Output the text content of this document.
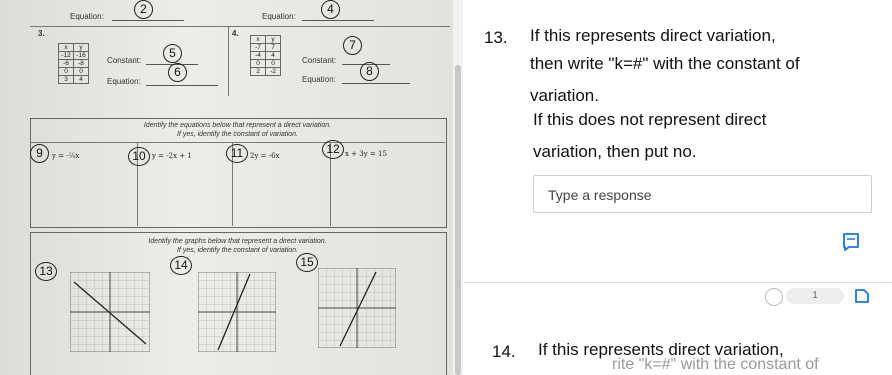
Equation:
2
Equation:
4
3.	4.
x	y
-12	-16
-6	-8
0	0
3	4
Constant:
5
Equation:
6
x	y
-7	7
-4	4
0	0
2	-2
Constant:
7
Equation:
8
Identify the equations below that represent a direct variation.
If yes, identify the constant of variation.
9	y = -⅖x	10 y = -2x + 1	11 2y = -6x	12 x + 3y = 15
Identify the graphs below that represent a direct variation.
If yes, identify the constant of variation.
13	14	15
13. If this represents direct variation,
then write "k=#" with the constant of
variation.
If this does not represent direct
variation, then put no.
Type a response
1
14. If this represents direct variation,
rite "k=#" with the constant of
